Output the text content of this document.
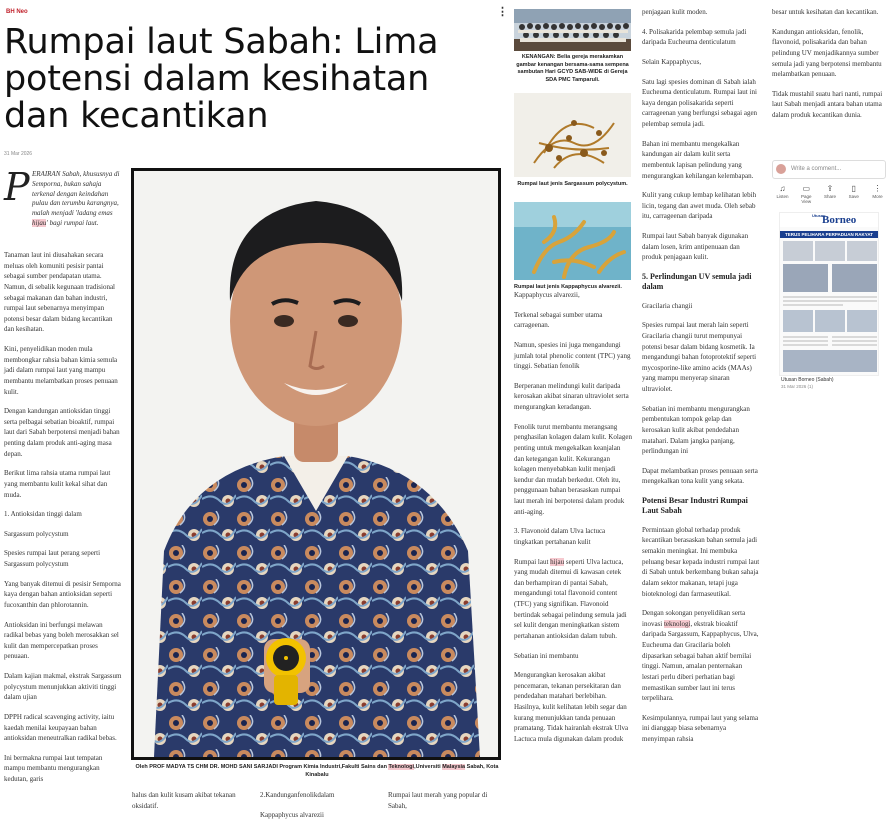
BH Neo	⋮
Rumpai laut Sabah: Lima potensi dalam kesihatan dan kecantikan
31 Mar 2026
P ERAIRAN Sabah, khususnya di Semporna, bukan sahaja terkenal dengan keindahan pulau dan terumbu karangnya, malah menjadi 'ladang emas hijau' bagi rumpai laut.

Tanaman laut ini diusahakan secara meluas oleh komuniti pesisir pantai sebagai sumber pendapatan utama. Namun, di sebalik kegunaan tradisional sebagai makanan dan bahan industri, rumpai laut sebenarnya menyimpan potensi besar dalam bidang kecantikan dan kesihatan.

Kini, penyelidikan moden mula membongkar rahsia bahan kimia semula jadi dalam rumpai laut yang mampu membantu melambatkan proses penuaan kulit.

Dengan kandungan antioksidan tinggi serta pelbagai sebatian bioaktif, rumpai laut dari Sabah berpotensi menjadi bahan penting dalam produk anti-aging masa depan.

Berikut lima rahsia utama rumpai laut yang membantu kulit kekal sihat dan muda.

1. Antioksidan tinggi dalam

Sargassum polycystum

Spesies rumpai laut perang seperti Sargassum polycystum

Yang banyak ditemui di pesisir Semporna kaya dengan bahan antioksidan seperti fucoxanthin dan phlorotannin.

Antioksidan ini berfungsi melawan radikal bebas yang boleh merosakkan sel kulit dan mempercepatkan proses penuaan.

Dalam kajian makmal, ekstrak Sargassum polycystum menunjukkan aktiviti tinggi dalam ujian

DPPH radical scavenging activity, iaitu kaedah menilai keupayaan bahan antioksidan meneutralkan radikal bebas.

Ini bermakna rumpai laut tempatan mampu membantu mengurangkan kedutan, garis

Oleh PROF MADYA TS CHM DR. MOHD SANI SARJADI Program Kimia Industri,Fakulti Sains dan Teknologi,Universiti Malaysia Sabah, Kota Kinabalu
halus dan kulit kusam akibat tekanan oksidatif.
2.Kandunganfenolikdalam
Kappaphycus alvarezii
Rumpai laut merah yang popular di Sabah,
KENANGAN: Belia gereja merakamkan gambar kenangan bersama-sama sempena sambutan Hari GCYD SAB-WIDE di Gereja SDA PMC Tamparuli.
Rumpai laut jenis Sargassum polycystum.
Rumpai laut jenis Kappaphycus alvarezii.

Kappaphycus alvarezii,

Terkenal sebagai sumber utama carrageenan.

Namun, spesies ini juga mengandungi jumlah total phenolic content (TPC) yang tinggi. Sebatian fenolik

Berperanan melindungi kulit daripada kerosakan akibat sinaran ultraviolet serta mengurangkan keradangan.

Fenolik turut membantu merangsang penghasilan kolagen dalam kulit. Kolagen penting untuk mengekalkan keanjalan dan ketegangan kulit. Kekurangan kolagen menyebabkan kulit menjadi kendur dan mudah berkedut. Oleh itu, penggunaan bahan berasaskan rumpai laut merah ini berpotensi dalam produk anti-aging.

3. Flavonoid dalam Ulva lactuca tingkatkan pertahanan kulit

Rumpai laut hijau seperti Ulva lactuca, yang mudah ditemui di kawasan cetek dan berhampiran di pantai Sabah, mengandungi total flavonoid content (TFC) yang signifikan. Flavonoid bertindak sebagai pelindung semula jadi sel kulit dengan meningkatkan sistem pertahanan antioksidan dalam tubuh.

Sebatian ini membantu

Mengurangkan kerosakan akibat pencemaran, tekanan persekitaran dan pendedahan matahari berlebihan. Hasilnya, kulit kelihatan lebih segar dan kurang menunjukkan tanda penuaan pramatang. Tidak hairanlah ekstrak Ulva Lactuca mula digunakan dalam produk

penjagaan kulit moden.

4. Polisakarida pelembap semula jadi daripada Eucheuma denticulatum

Selain Kappaphycus,

Satu lagi spesies dominan di Sabah ialah Eucheuma denticulatum. Rumpai laut ini kaya dengan polisakarida seperti carrageenan yang berfungsi sebagai agen pelembap semula jadi.

Bahan ini membantu mengekalkan kandungan air dalam kulit serta membentuk lapisan pelindung yang mengurangkan kehilangan kelembapan.

Kulit yang cukup lembap kelihatan lebih licin, tegang dan awet muda. Oleh sebab itu, carrageenan daripada

Rumpai laut Sabah banyak digunakan dalam losen, krim antipenuaan dan produk penjagaan kulit.

5. Perlindungan UV semula jadi dalam

Gracilaria changii

Spesies rumpai laut merah lain seperti Gracilaria changii turut mempunyai potensi besar dalam bidang kosmetik. Ia mengandungi bahan fotoprotektif seperti mycosporine-like amino acids (MAAs) yang mampu menyerap sinaran ultraviolet.

Sebatian ini membantu mengurangkan pembentukan tompok gelap dan kerosakan kulit akibat pendedahan matahari. Dalam jangka panjang, perlindungan ini

Dapat melambatkan proses penuaan serta mengekalkan tona kulit yang sekata.

Potensi Besar Industri Rumpai Laut Sabah

Permintaan global terhadap produk kecantikan berasaskan bahan semula jadi semakin meningkat. Ini membuka peluang besar kepada industri rumpai laut di Sabah untuk berkembang bukan sahaja dalam sektor makanan, tetapi juga bioteknologi dan farmaseutikal.

Dengan sokongan penyelidikan serta inovasi teknologi, ekstrak bioaktif daripada Sargassum, Kappaphycus, Ulva, Eucheuma dan Gracilaria boleh dipasarkan sebagai bahan aktif bernilai tinggi. Namun, amalan penternakan lestari perlu diberi perhatian bagi memastikan sumber laut ini terus terpelihara.

Kesimpulannya, rumpai laut yang selama ini dianggap biasa sebenarnya menyimpan rahsia

besar untuk kesihatan dan kecantikan.

Kandungan antioksidan, fenolik, flavonoid, polisakarida dan bahan pelindung UV menjadikannya sumber semula jadi yang berpotensi membantu melambatkan penuaan.

Tidak mustahil suatu hari nanti, rumpai laut Sabah menjadi antara bahan utama dalam produk kecantikan dunia.

Write a comment...
♫
Listen
▭
Page View
⇪
Share
▯
Save
⋮
More
Utusan
Borneo
TERUS PELIHARA PERPADUAN RAKYAT
Utusan Borneo (Sabah)
31 Mar 2026 (1)
